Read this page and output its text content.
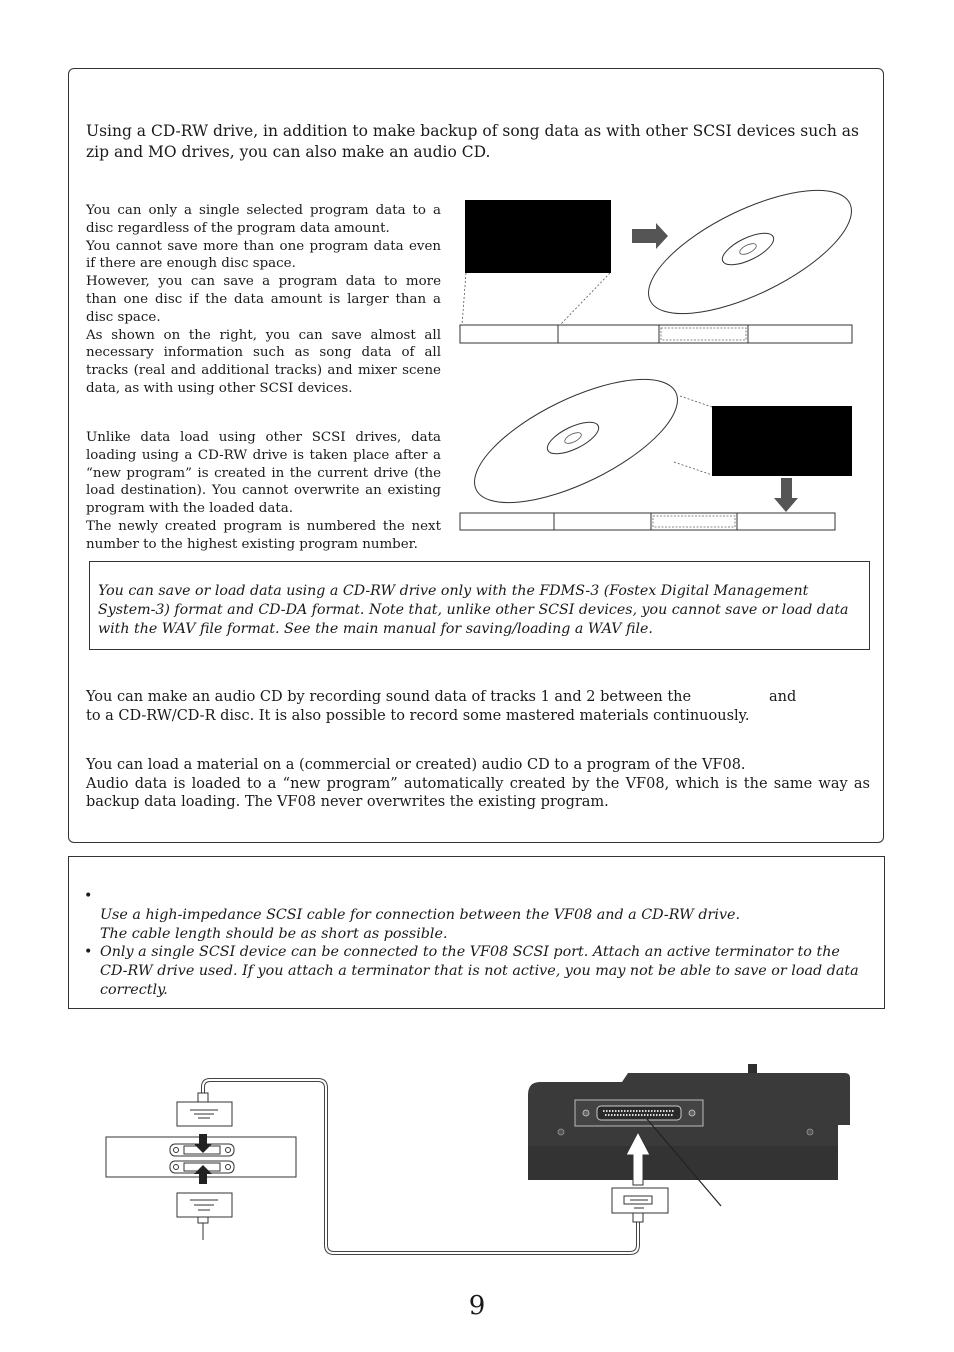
Using a CD-RW drive, in addition to make backup of song data as with other SCSI devices such as zip and MO drives, you can also make an audio CD.
You can only a single selected program data to a disc regardless of the program data amount.
You cannot save more than one program data even if there are enough disc space.
However, you can save a program data to more than one disc if the data amount is larger than a disc space.
As shown on the right, you can save almost all necessary information such as song data of all tracks (real and additional tracks) and mixer scene data, as with using other SCSI devices.
Unlike data load using other SCSI drives, data loading using a CD-RW drive is taken place after a “new program” is created in the current drive (the load destination). You cannot overwrite an existing program with the loaded data.
The newly created program is numbered the next number to the highest existing program number.
You can save or load data using a CD-RW drive only with the FDMS-3 (Fostex Digital Management System-3) format and CD-DA format. Note that, unlike other SCSI devices, you cannot save or load data with the WAV file format. See the main manual for saving/loading a WAV file.
You can make an audio CD by recording sound data of tracks 1 and 2 between the	and
to a CD-RW/CD-R disc. It is also possible to record some mastered materials continuously.
You can load a material on a (commercial or created) audio CD to a program of the VF08.
Audio data is loaded to a “new program” automatically created by the VF08, which is the same way as backup data loading. The VF08 never overwrites the existing program.

•
Use a high-impedance SCSI cable for connection between the VF08 and a CD-RW drive.
The cable length should be as short as possible.

• Only a single SCSI device can be connected to the VF08 SCSI port. Attach an active terminator to the CD-RW drive used. If you attach a terminator that is not active, you may not be able to save or load data correctly.
9
